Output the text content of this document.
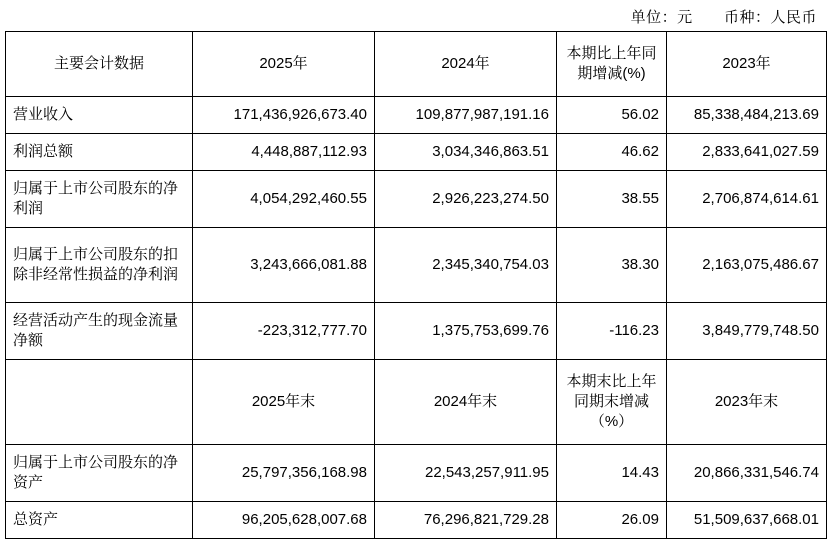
单位：元 币种：人民币
主要会计数据	2025年	2024年	本期比上年同期增减(%)	2023年
营业收入	171,436,926,673.40	109,877,987,191.16	56.02	85,338,484,213.69
利润总额	4,448,887,112.93	3,034,346,863.51	46.62	2,833,641,027.59
归属于上市公司股东的净利润	4,054,292,460.55	2,926,223,274.50	38.55	2,706,874,614.61
归属于上市公司股东的扣除非经常性损益的净利润	3,243,666,081.88	2,345,340,754.03	38.30	2,163,075,486.67
经营活动产生的现金流量净额	-223,312,777.70	1,375,753,699.76	-116.23	3,849,779,748.50
	2025年末	2024年末	本期末比上年同期末增减（%）	2023年末
归属于上市公司股东的净资产	25,797,356,168.98	22,543,257,911.95	14.43	20,866,331,546.74
总资产	96,205,628,007.68	76,296,821,729.28	26.09	51,509,637,668.01
